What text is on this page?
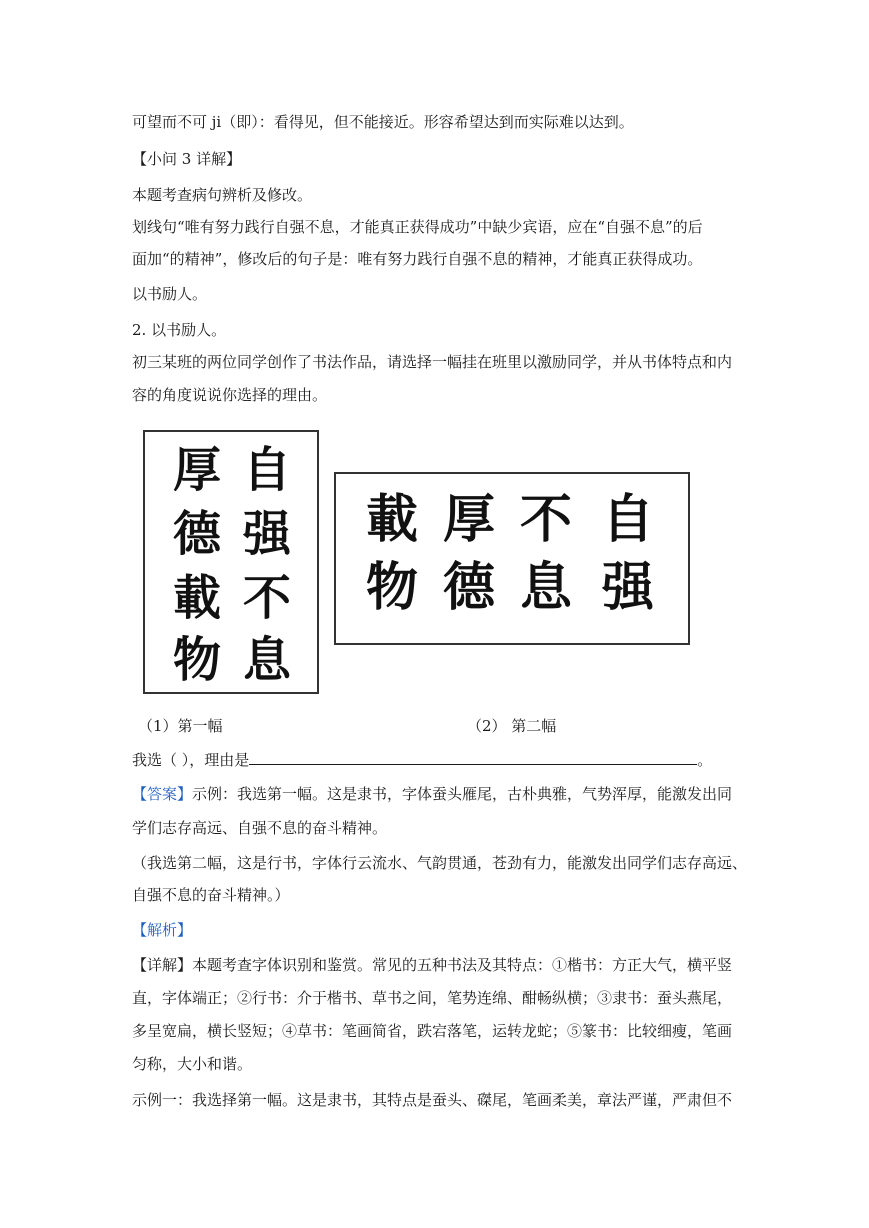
可望而不可 ji（即）：看得见，但不能接近。形容希望达到而实际难以达到。
【小问 3 详解】
本题考查病句辨析及修改。
划线句“唯有努力践行自强不息，才能真正获得成功”中缺少宾语，应在“自强不息”的后
面加“的精神”，修改后的句子是：唯有努力践行自强不息的精神，才能真正获得成功。
以书励人。
2. 以书励人。
初三某班的两位同学创作了书法作品，请选择一幅挂在班里以激励同学，并从书体特点和内
容的角度说说你选择的理由。
自
强
不
息
厚
德
載
物
自
强
不
息
厚
德
載
物
（1）第一幅	（2） 第二幅
我选（ ），理由是	。
【答案】示例：我选第一幅。这是隶书，字体蚕头雁尾，古朴典雅，气势浑厚，能激发出同
学们志存高远、自强不息的奋斗精神。
（我选第二幅，这是行书，字体行云流水、气韵贯通，苍劲有力，能激发出同学们志存高远、
自强不息的奋斗精神。）
【解析】
【详解】本题考查字体识别和鉴赏。常见的五种书法及其特点：①楷书：方正大气，横平竖
直，字体端正；②行书：介于楷书、草书之间，笔势连绵、酣畅纵横；③隶书：蚕头燕尾，
多呈宽扁，横长竖短；④草书：笔画简省，跌宕落笔，运转龙蛇；⑤篆书：比较细瘦，笔画
匀称，大小和谐。
示例一：我选择第一幅。这是隶书，其特点是蚕头、磔尾，笔画柔美，章法严谨，严肃但不
